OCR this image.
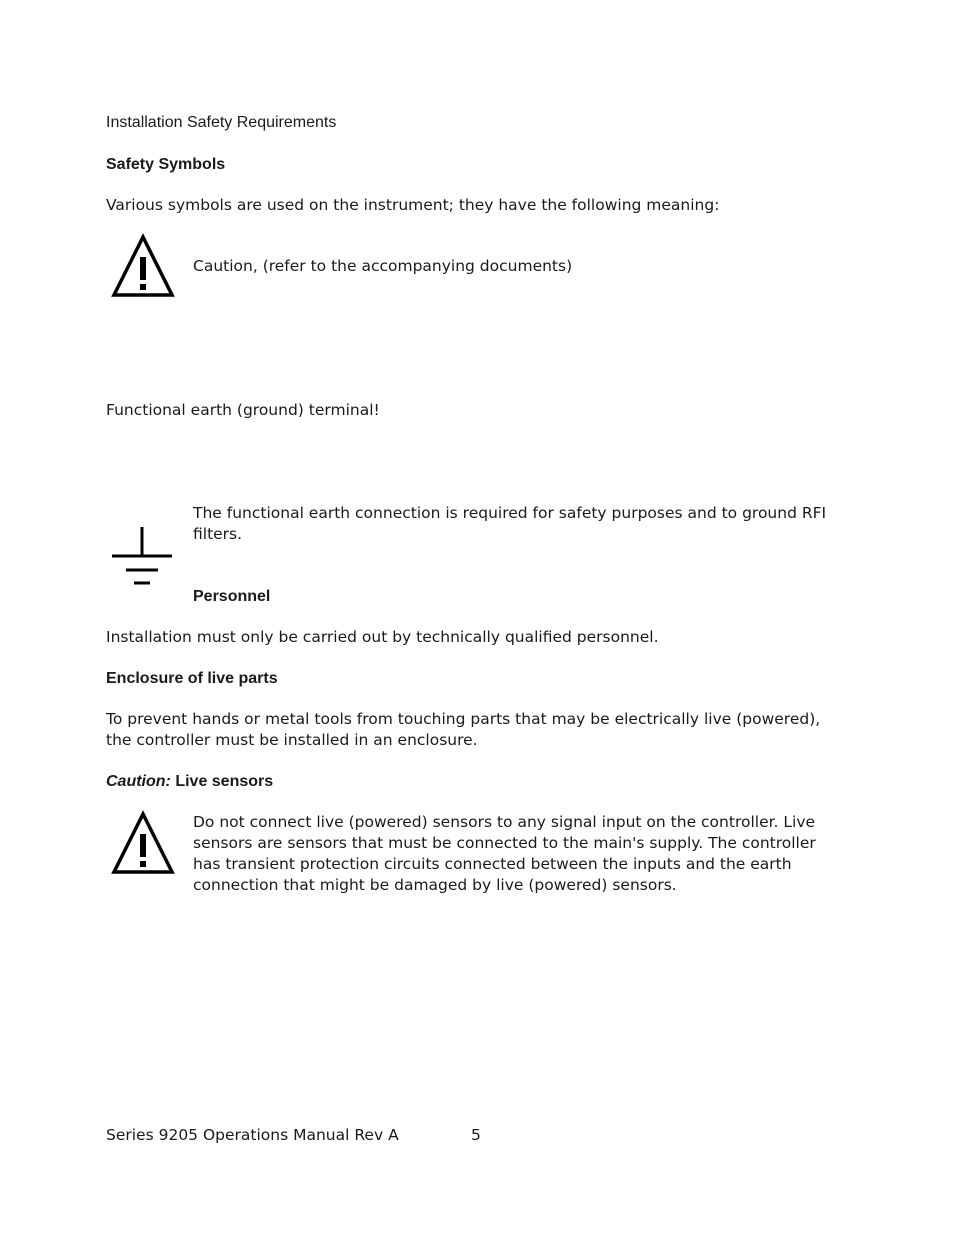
Installation Safety Requirements

Safety Symbols

Various symbols are used on the instrument; they have the following meaning:

Caution, (refer to the accompanying documents)

Functional earth (ground) terminal!

The functional earth connection is required for safety purposes and to ground RFI filters.

Personnel

Installation must only be carried out by technically qualified personnel.

Enclosure of live parts

To prevent hands or metal tools from touching parts that may be electrically live (powered), the controller must be installed in an enclosure.

Caution: Live sensors

Do not connect live (powered) sensors to any signal input on the controller. Live sensors are sensors that must be connected to the main's supply. The controller has transient protection circuits connected between the inputs and the earth connection that might be damaged by live (powered) sensors.

Series 9205 Operations Manual Rev A	5
